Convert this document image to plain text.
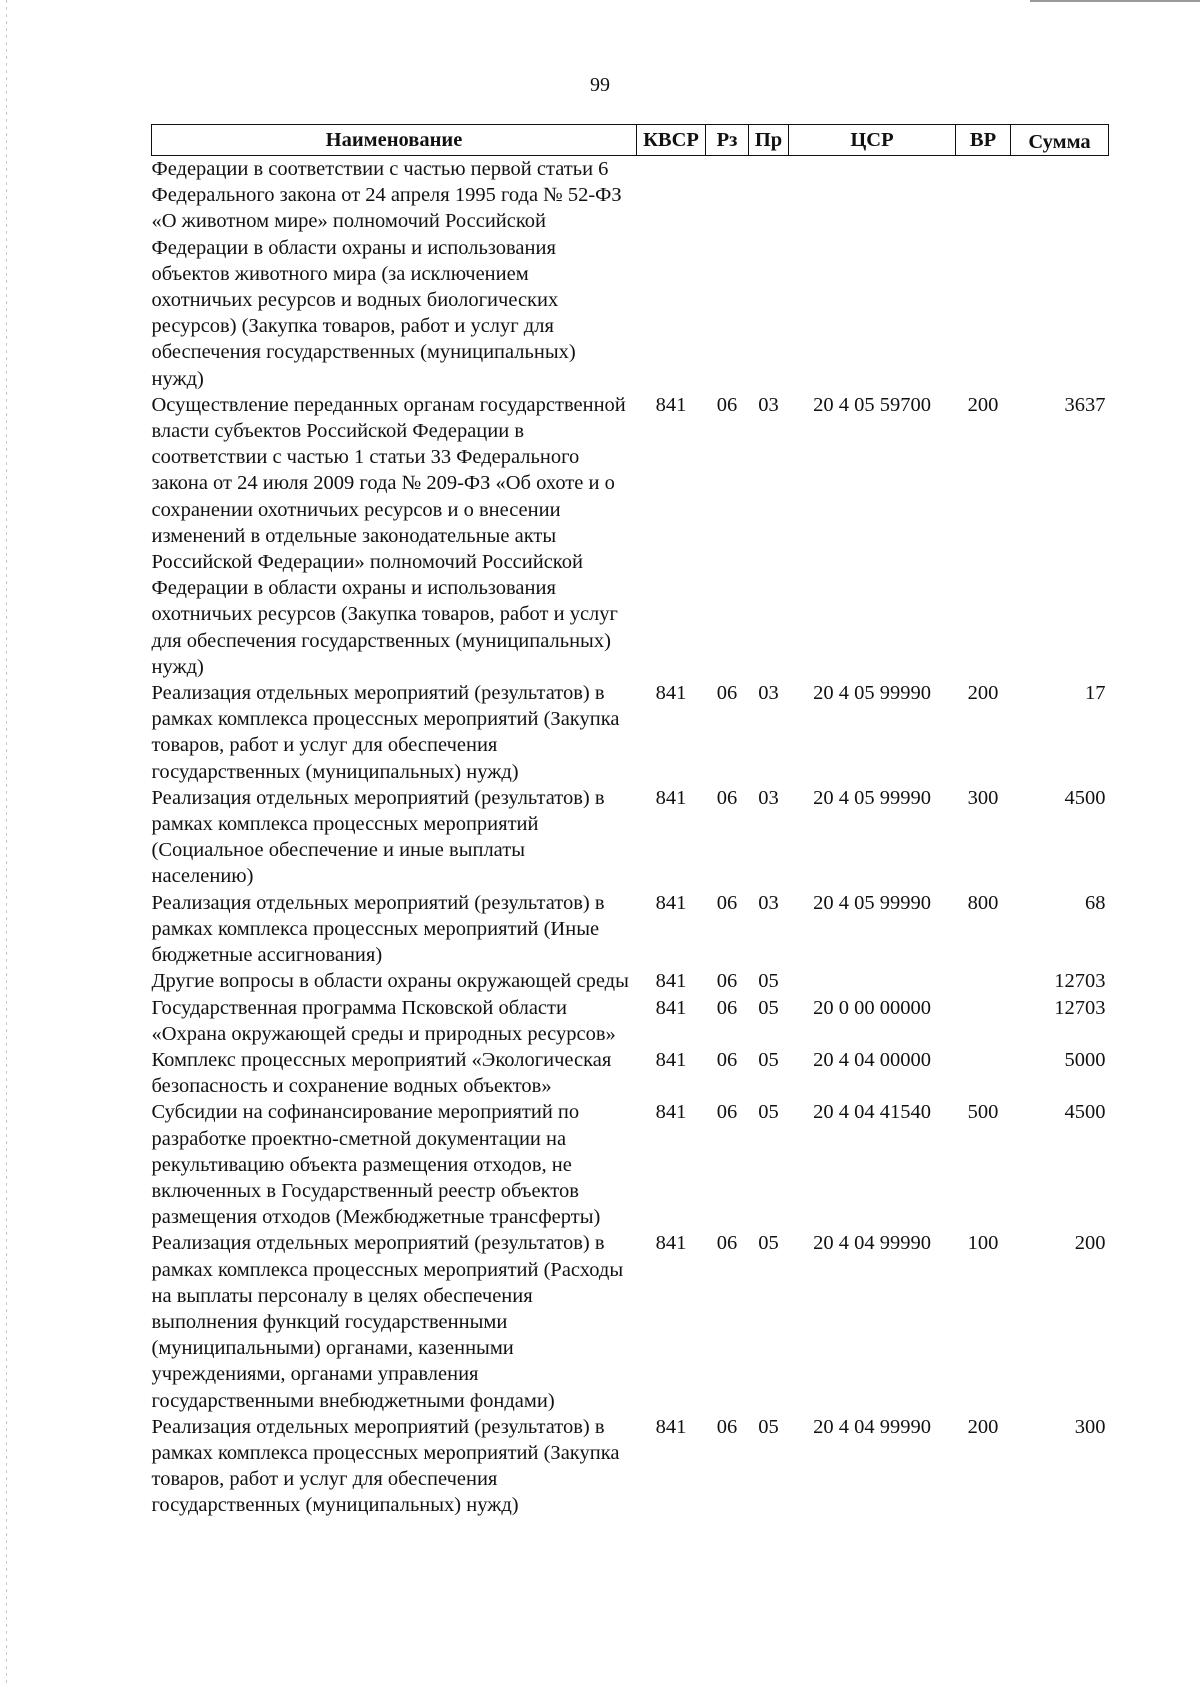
99
Наименование	КВСР	Рз	Пр	ЦСР	ВР	Сумма
Федерации в соответствии с частью первой статьи 6 Федерального закона от 24 апреля 1995 года № 52-ФЗ «О животном мире» полномочий Российской Федерации в области охраны и использования объектов животного мира (за исключением охотничьих ресурсов и водных биологических ресурсов) (Закупка товаров, работ и услуг для обеспечения государственных (муниципальных) нужд)						
Осуществление переданных органам государственной власти субъектов Российской Федерации в соответствии с частью 1 статьи 33 Федерального закона от 24 июля 2009 года № 209-ФЗ «Об охоте и о сохранении охотничьих ресурсов и о внесении изменений в отдельные законодательные акты Российской Федерации» полномочий Российской Федерации в области охраны и использования охотничьих ресурсов (Закупка товаров, работ и услуг для обеспечения государственных (муниципальных) нужд)	841	06	03	20 4 05 59700	200	3637
Реализация отдельных мероприятий (результатов) в рамках комплекса процессных мероприятий (Закупка товаров, работ и услуг для обеспечения государственных (муниципальных) нужд)	841	06	03	20 4 05 99990	200	17
Реализация отдельных мероприятий (результатов) в рамках комплекса процессных мероприятий (Социальное обеспечение и иные выплаты населению)	841	06	03	20 4 05 99990	300	4500
Реализация отдельных мероприятий (результатов) в рамках комплекса процессных мероприятий (Иные бюджетные ассигнования)	841	06	03	20 4 05 99990	800	68
Другие вопросы в области охраны окружающей среды	841	06	05			12703
Государственная программа Псковской области «Охрана окружающей среды и природных ресурсов»	841	06	05	20 0 00 00000		12703
Комплекс процессных мероприятий «Экологическая безопасность и сохранение водных объектов»	841	06	05	20 4 04 00000		5000
Субсидии на софинансирование мероприятий по разработке проектно-сметной документации на рекультивацию объекта размещения отходов, не включенных в Государственный реестр объектов размещения отходов (Межбюджетные трансферты)	841	06	05	20 4 04 41540	500	4500
Реализация отдельных мероприятий (результатов) в рамках комплекса процессных мероприятий (Расходы на выплаты персоналу в целях обеспечения выполнения функций государственными (муниципальными) органами, казенными учреждениями, органами управления государственными внебюджетными фондами)	841	06	05	20 4 04 99990	100	200
Реализация отдельных мероприятий (результатов) в рамках комплекса процессных мероприятий (Закупка товаров, работ и услуг для обеспечения государственных (муниципальных) нужд)	841	06	05	20 4 04 99990	200	300
